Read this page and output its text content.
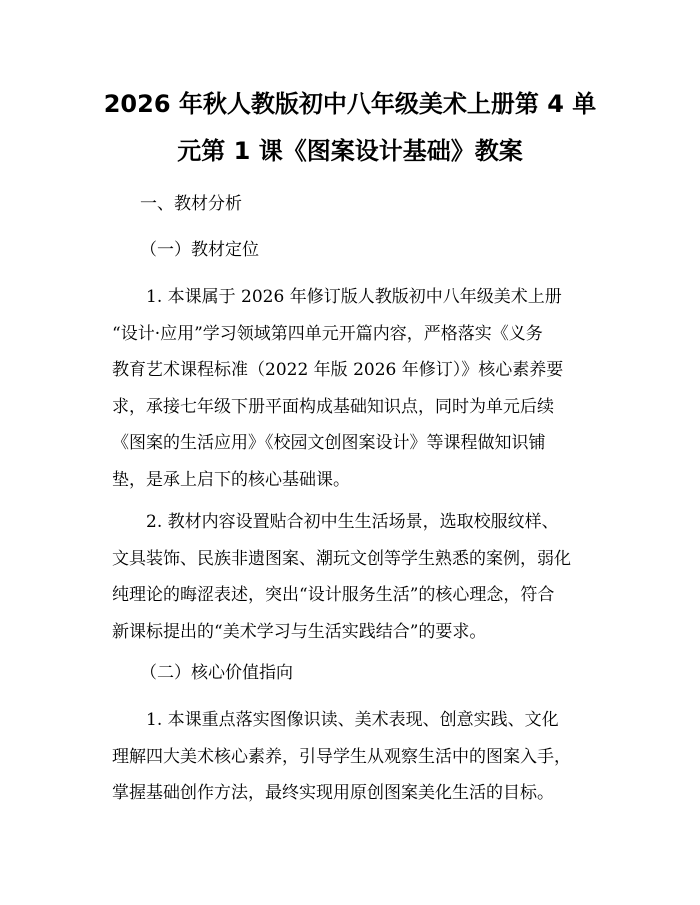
2026 年秋人教版初中八年级美术上册第 4 单
元第 1 课《图案设计基础》教案

一、教材分析

（一）教材定位

1. 本课属于 2026 年修订版人教版初中八年级美术上册
“设计·应用”学习领域第四单元开篇内容，严格落实《义务
教育艺术课程标准（2022 年版 2026 年修订）》核心素养要
求，承接七年级下册平面构成基础知识点，同时为单元后续
《图案的生活应用》《校园文创图案设计》等课程做知识铺
垫，是承上启下的核心基础课。
2. 教材内容设置贴合初中生生活场景，选取校服纹样、
文具装饰、民族非遗图案、潮玩文创等学生熟悉的案例，弱化
纯理论的晦涩表述，突出“设计服务生活”的核心理念，符合
新课标提出的“美术学习与生活实践结合”的要求。

（二）核心价值指向

1. 本课重点落实图像识读、美术表现、创意实践、文化
理解四大美术核心素养，引导学生从观察生活中的图案入手，
掌握基础创作方法，最终实现用原创图案美化生活的目标。
